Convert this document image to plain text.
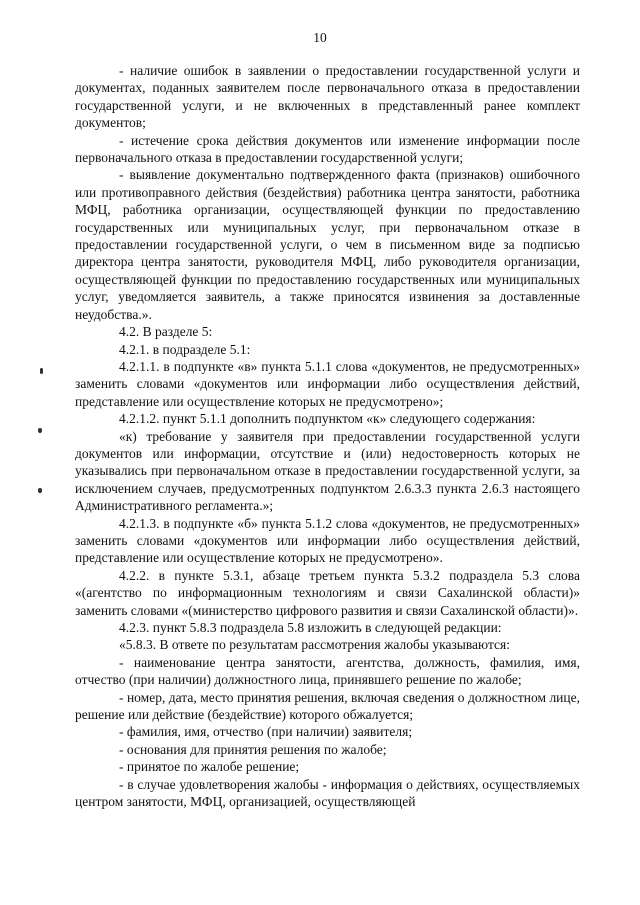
10

- наличие ошибок в заявлении о предоставлении государственной услуги и документах, поданных заявителем после первоначального отказа в предоставлении государственной услуги, и не включенных в представленный ранее комплект документов;

- истечение срока действия документов или изменение информации после первоначального отказа в предоставлении государственной услуги;

- выявление документально подтвержденного факта (признаков) ошибочного или противоправного действия (бездействия) работника центра занятости, работника МФЦ, работника организации, осуществляющей функции по предоставлению государственных или муниципальных услуг, при первоначальном отказе в предоставлении государственной услуги, о чем в письменном виде за подписью директора центра занятости, руководителя МФЦ, либо руководителя организации, осуществляющей функции по предоставлению государственных или муниципальных услуг, уведомляется заявитель, а также приносятся извинения за доставленные неудобства.».

4.2. В разделе 5:

4.2.1. в подразделе 5.1:

4.2.1.1. в подпункте «в» пункта 5.1.1 слова «документов, не предусмотренных» заменить словами «документов или информации либо осуществления действий, представление или осуществление которых не предусмотрено»;

4.2.1.2. пункт 5.1.1 дополнить подпунктом «к» следующего содержания:

«к) требование у заявителя при предоставлении государственной услуги документов или информации, отсутствие и (или) недостоверность которых не указывались при первоначальном отказе в предоставлении государственной услуги, за исключением случаев, предусмотренных подпунктом 2.6.3.3 пункта 2.6.3 настоящего Административного регламента.»;

4.2.1.3. в подпункте «б» пункта 5.1.2 слова «документов, не предусмотренных» заменить словами «документов или информации либо осуществления действий, представление или осуществление которых не предусмотрено».

4.2.2. в пункте 5.3.1, абзаце третьем пункта 5.3.2 подраздела 5.3 слова «(агентство по информационным технологиям и связи Сахалинской области)» заменить словами «(министерство цифрового развития и связи Сахалинской области)».

4.2.3. пункт 5.8.3 подраздела 5.8 изложить в следующей редакции:

«5.8.3. В ответе по результатам рассмотрения жалобы указываются:

- наименование центра занятости, агентства, должность, фамилия, имя, отчество (при наличии) должностного лица, принявшего решение по жалобе;

- номер, дата, место принятия решения, включая сведения о должностном лице, решение или действие (бездействие) которого обжалуется;

- фамилия, имя, отчество (при наличии) заявителя;

- основания для принятия решения по жалобе;

- принятое по жалобе решение;

- в случае удовлетворения жалобы - информация о действиях, осуществляемых центром занятости, МФЦ, организацией, осуществляющей
